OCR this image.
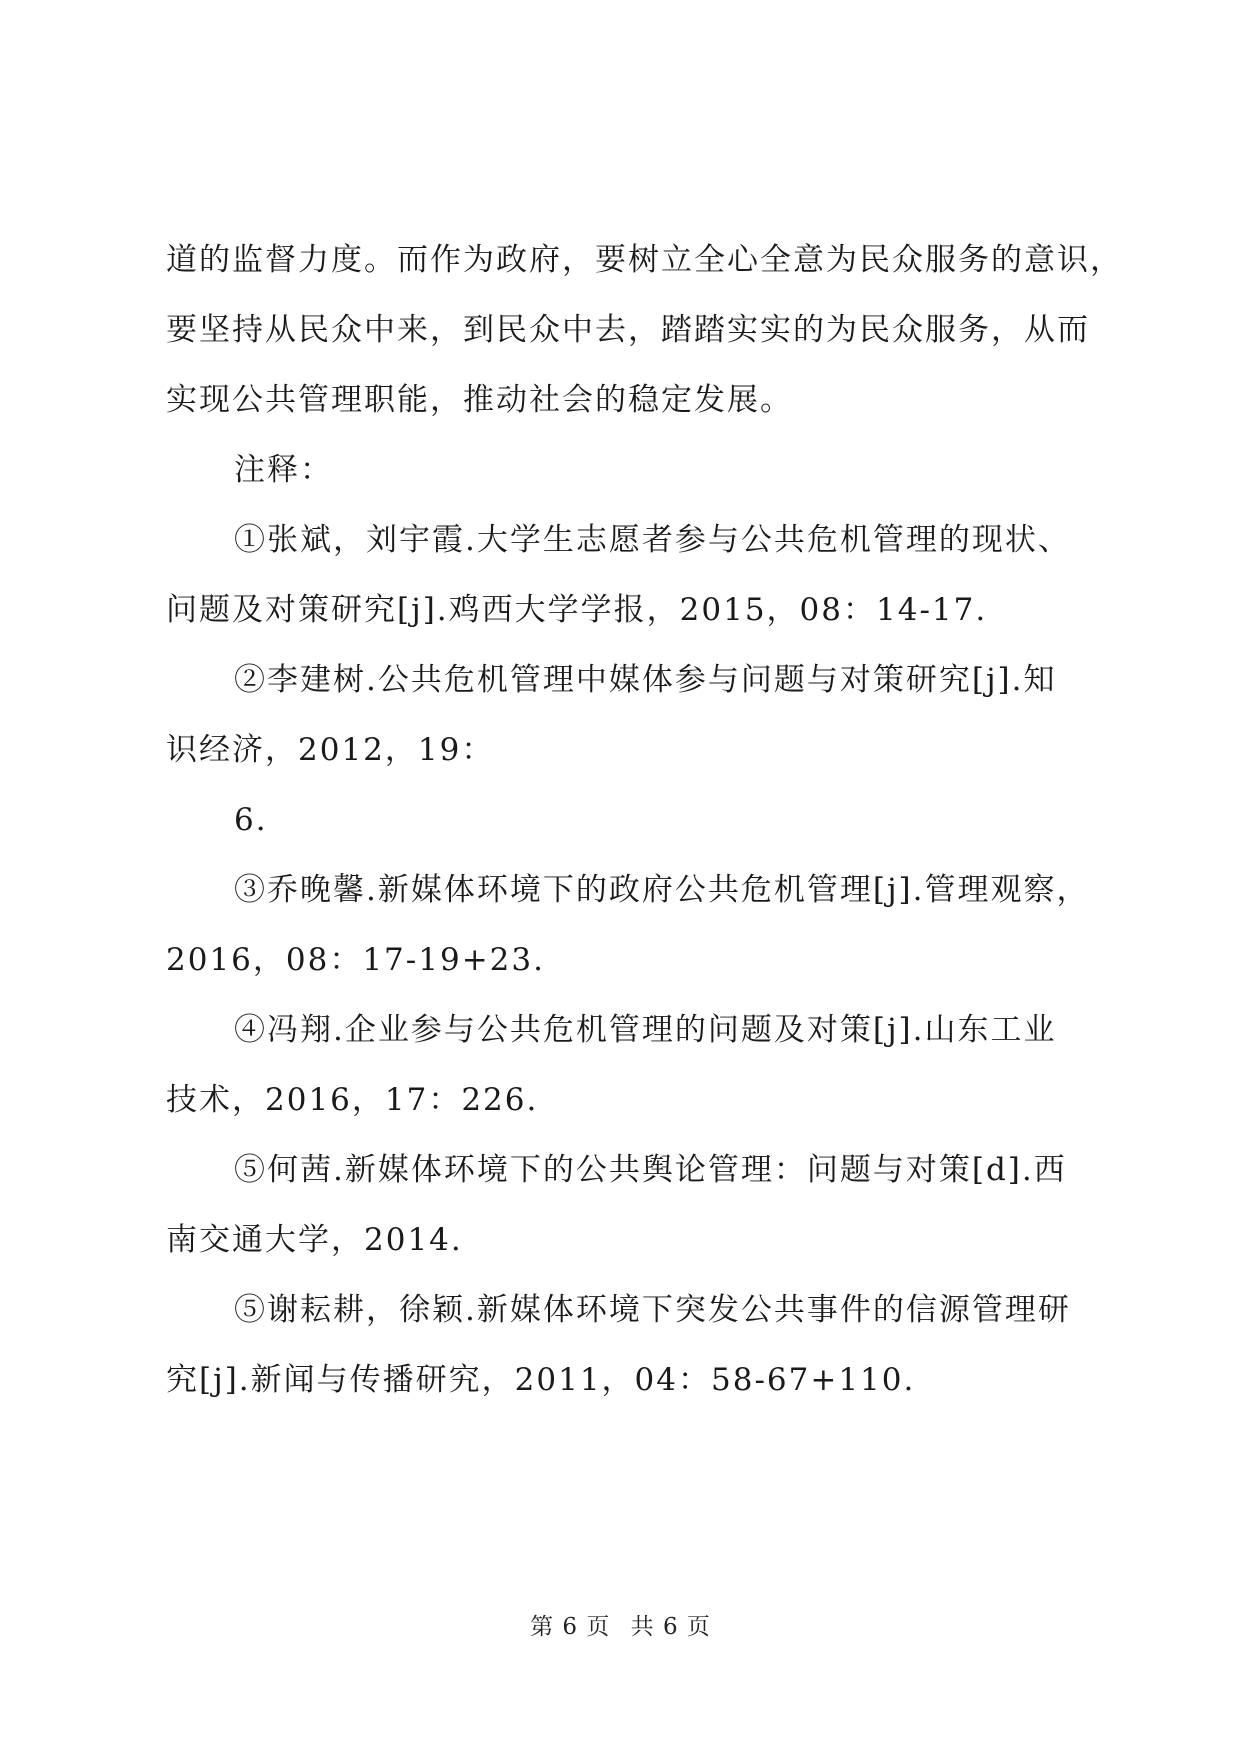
道的监督力度。而作为政府，要树立全心全意为民众服务的意识，
要坚持从民众中来，到民众中去，踏踏实实的为民众服务，从而
实现公共管理职能，推动社会的稳定发展。
注释：
①张斌，刘宇霞.大学生志愿者参与公共危机管理的现状、
问题及对策研究[j].鸡西大学学报，2015，08：14-17.
②李建树.公共危机管理中媒体参与问题与对策研究[j].知
识经济，2012，19：
6.
③乔晚馨.新媒体环境下的政府公共危机管理[j].管理观察，
2016，08：17-19+23.
④冯翔.企业参与公共危机管理的问题及对策[j].山东工业
技术，2016，17：226.
⑤何茜.新媒体环境下的公共舆论管理：问题与对策[d].西
南交通大学，2014.
⑤谢耘耕，徐颖.新媒体环境下突发公共事件的信源管理研
究[j].新闻与传播研究，2011，04：58-67+110.
第 6 页 共 6 页
